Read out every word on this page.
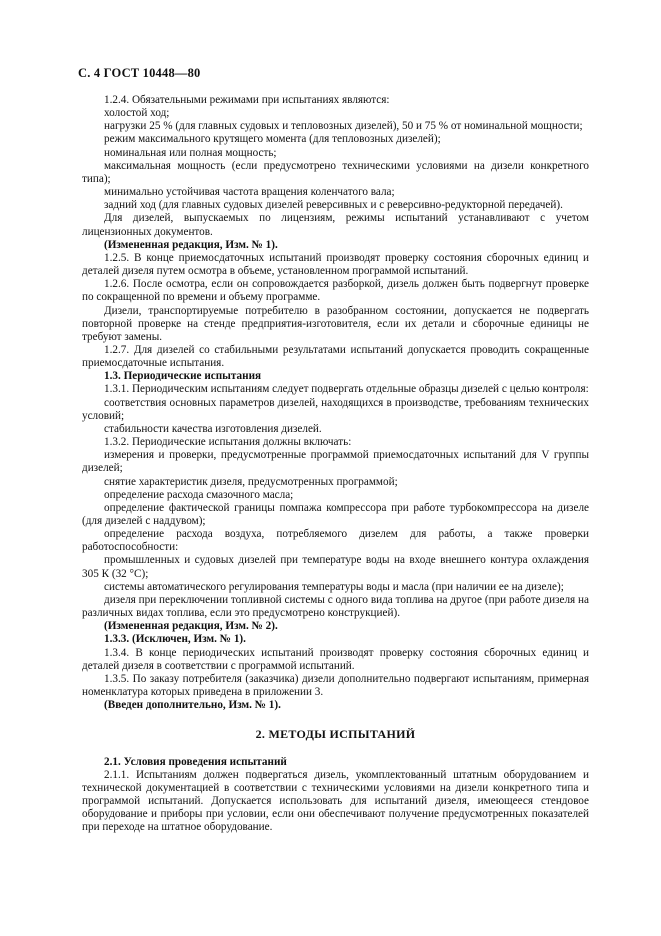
С. 4 ГОСТ 10448—80

1.2.4. Обязательными режимами при испытаниях являются:

холостой ход;

нагрузки 25 % (для главных судовых и тепловозных дизелей), 50 и 75 % от номинальной мощности;

режим максимального крутящего момента (для тепловозных дизелей);

номинальная или полная мощность;

максимальная мощность (если предусмотрено техническими условиями на дизели конкретного типа);

минимально устойчивая частота вращения коленчатого вала;

задний ход (для главных судовых дизелей реверсивных и с реверсивно-редукторной передачей).

Для дизелей, выпускаемых по лицензиям, режимы испытаний устанавливают с учетом лицензионных документов.

(Измененная редакция, Изм. № 1).

1.2.5. В конце приемосдаточных испытаний производят проверку состояния сборочных единиц и деталей дизеля путем осмотра в объеме, установленном программой испытаний.

1.2.6. После осмотра, если он сопровождается разборкой, дизель должен быть подвергнут проверке по сокращенной по времени и объему программе.

Дизели, транспортируемые потребителю в разобранном состоянии, допускается не подвергать повторной проверке на стенде предприятия-изготовителя, если их детали и сборочные единицы не требуют замены.

1.2.7. Для дизелей со стабильными результатами испытаний допускается проводить сокращенные приемосдаточные испытания.

1.3. Периодические испытания

1.3.1. Периодическим испытаниям следует подвергать отдельные образцы дизелей с целью контроля:

соответствия основных параметров дизелей, находящихся в производстве, требованиям технических условий;

стабильности качества изготовления дизелей.

1.3.2. Периодические испытания должны включать:

измерения и проверки, предусмотренные программой приемосдаточных испытаний для V группы дизелей;

снятие характеристик дизеля, предусмотренных программой;

определение расхода смазочного масла;

определение фактической границы помпажа компрессора при работе турбокомпрессора на дизеле (для дизелей с наддувом);

определение расхода воздуха, потребляемого дизелем для работы, а также проверки работоспособности:

промышленных и судовых дизелей при температуре воды на входе внешнего контура охлаждения 305 К (32 °С);

системы автоматического регулирования температуры воды и масла (при наличии ее на дизеле);

дизеля при переключении топливной системы с одного вида топлива на другое (при работе дизеля на различных видах топлива, если это предусмотрено конструкцией).

(Измененная редакция, Изм. № 2).

1.3.3. (Исключен, Изм. № 1).

1.3.4. В конце периодических испытаний производят проверку состояния сборочных единиц и деталей дизеля в соответствии с программой испытаний.

1.3.5. По заказу потребителя (заказчика) дизели дополнительно подвергают испытаниям, примерная номенклатура которых приведена в приложении 3.

(Введен дополнительно, Изм. № 1).

2. МЕТОДЫ ИСПЫТАНИЙ

2.1. Условия проведения испытаний

2.1.1. Испытаниям должен подвергаться дизель, укомплектованный штатным оборудованием и технической документацией в соответствии с техническими условиями на дизели конкретного типа и программой испытаний. Допускается использовать для испытаний дизеля, имеющееся стендовое оборудование и приборы при условии, если они обеспечивают получение предусмотренных показателей при переходе на штатное оборудование.
